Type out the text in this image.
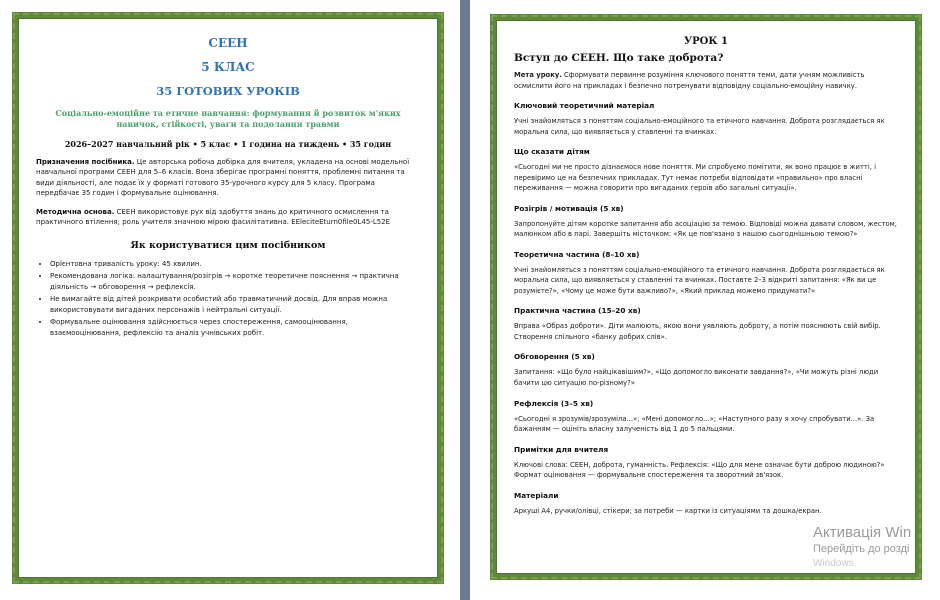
СЕЕН
5 КЛАС
35 ГОТОВИХ УРОКІВ
Соціально-емоційне та етичне навчання: формування й розвиток м'яких навичок, стійкості, уваги та подолання травми
2026–2027 навчальний рік • 5 клас • 1 година на тиждень • 35 годин
Призначення посібника. Це авторська робоча добірка для вчителя, укладена на основі модельної навчальної програми СЕЕН для 5–6 класів. Вона зберігає програмні поняття, проблемні питання та види діяльності, але подає їх у форматі готового 35-урочного курсу для 5 класу. Програма передбачає 35 годин і формувальне оцінювання.
Методична основа. СЕЕН використовує рух від здобуття знань до критичного осмислення та практичного втілення; роль учителя значною мірою фасилітативна. ЕЕleciteEturn0file0L45-L52Е
Як користуватися цим посібником
• Орієнтовна тривалість уроку: 45 хвилин.
• Рекомендована логіка: налаштування/розігрів → коротке теоретичне пояснення → практична діяльність → обговорення → рефлексія.
• Не вимагайте від дітей розкривати особистий або травматичний досвід. Для вправ можна використовувати вигаданих персонажів і нейтральні ситуації.
• Формувальне оцінювання здійснюється через спостереження, самооцінювання, взаємооцінювання, рефлексію та аналіз учнівських робіт.
УРОК 1
Вступ до СЕЕН. Що таке доброта?
Мета уроку. Сформувати первинне розуміння ключового поняття теми, дати учням можливість осмислити його на прикладах і безпечно потренувати відповідну соціально-емоційну навичку.
Ключовий теоретичний матеріал
Учні знайомляться з поняттям соціально-емоційного та етичного навчання. Доброта розглядається як моральна сила, що виявляється у ставленні та вчинках.
Що сказати дітям
«Сьогодні ми не просто дізнаємося нове поняття. Ми спробуємо помітити, як воно працює в житті, і перевіримо це на безпечних прикладах. Тут немає потреби відповідати «правильно» про власні переживання — можна говорити про вигаданих героїв або загальні ситуації».
Розігрів / мотивація (5 хв)
Запропонуйте дітям коротке запитання або асоціацію за темою. Відповіді можна давати словом, жестом, малюнком або в парі. Завершіть місточком: «Як це пов'язано з нашою сьогоднішньою темою?»
Теоретична частина (8–10 хв)
Учні знайомляться з поняттям соціально-емоційного та етичного навчання. Доброта розглядається як моральна сила, що виявляється у ставленні та вчинках. Поставте 2–3 відкриті запитання: «Як ви це розумієте?», «Чому це може бути важливо?», «Який приклад можемо придумати?»
Практична частина (15–20 хв)
Вправа «Образ доброти». Діти малюють, якою вони уявляють доброту, а потім пояснюють свій вибір. Створення спільного «банку добрих слів».
Обговорення (5 хв)
Запитання: «Що було найцікавішим?», «Що допомогло виконати завдання?», «Чи можуть різні люди бачити цю ситуацію по-різному?»
Рефлексія (3–5 хв)
«Сьогодні я зрозумів/зрозуміла...»; «Мені допомогло...»; «Наступного разу я хочу спробувати...». За бажанням — оцініть власну залученість від 1 до 5 пальцями.
Примітки для вчителя
Ключові слова: СЕЕН, доброта, гуманність. Рефлексія: «Що для мене означає бути доброю людиною?» Формат оцінювання — формувальне спостереження та зворотний зв'язок.
Матеріали
Аркуші А4, ручки/олівці, стікери; за потреби — картки із ситуаціями та дошка/екран.
Активація Win
Перейдіть до розді
Windows.
